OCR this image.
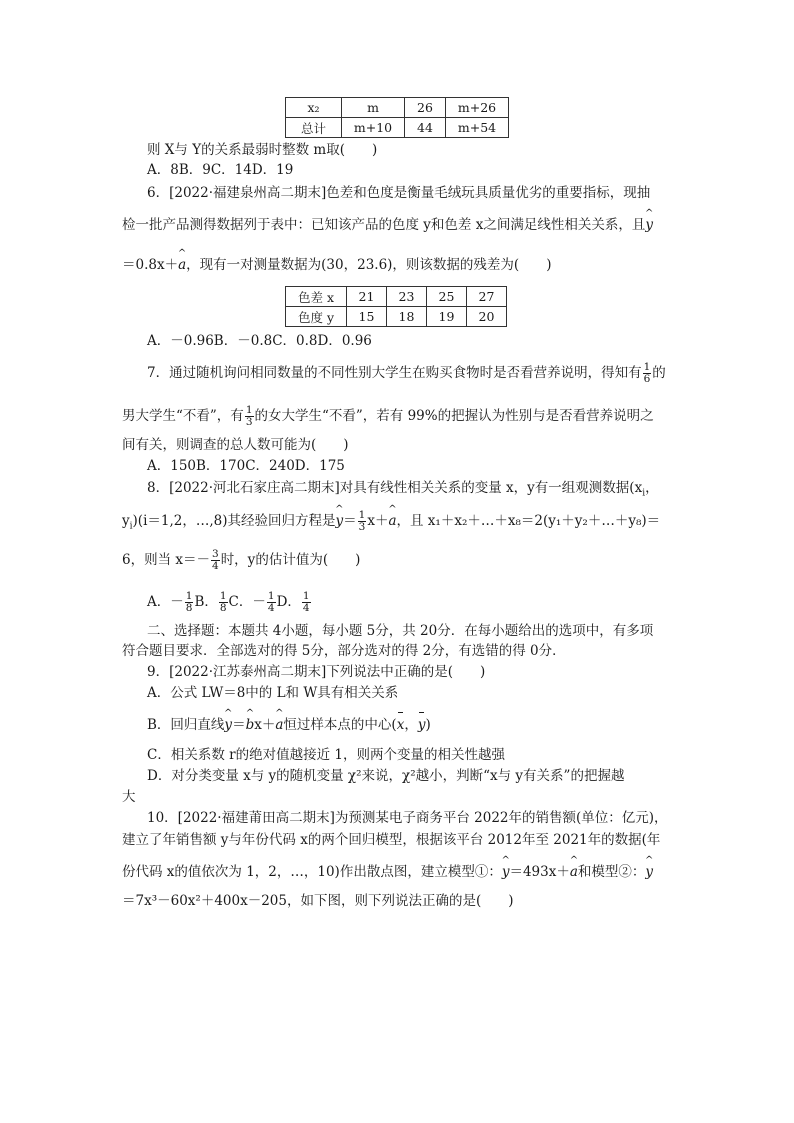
x₂	m	26	m+26
总计	m+10	44	m+54
则 X与 Y的关系最弱时整数 m取(　　)
A．8B．9C．14D．19
6．[2022·福建泉州高二期末]色差和色度是衡量毛绒玩具质量优劣的重要指标，现抽
检一批产品测得数据列于表中：已知该产品的色度 y和色差 x之间满足线性相关关系，且^ y
＝0.8x＋^ a，现有一对测量数据为(30，23.6)，则该数据的残差为(　　)
色差 x	21	23	25	27
色度 y	15	18	19	20
A．－0.96B．－0.8C．0.8D．0.96
7．通过随机询问相同数量的不同性别大学生在购买食物时是否看营养说明，得知有 $\frac{1}{6}$ 的
男大学生“不看”，有 $\frac{1}{3}$ 的女大学生“不看”，若有 99%的把握认为性别与是否看营养说明之
间有关，则调查的总人数可能为(　　)
A．150B．170C．240D．175
8．[2022·河北石家庄高二期末]对具有线性相关关系的变量 x，y有一组观测数据($x_i$，
$y_i)(i=1,2$，…,8)其经验回归方程是^ $y= \frac{1}{3}$ x＋^ a，且 x₁＋x₂＋…＋x₈＝2(y₁＋y₂＋…＋y₈)＝
6，则当 $x=- \frac{3}{4}$ 时，y的估计值为(　　)
A．－ $\frac{1}{8}$ B． $\frac{1}{8}$ C．－ $\frac{1}{4}$ D． $\frac{1}{4}$
二、选择题：本题共 4小题，每小题 5分，共 20分．在每小题给出的选项中，有多项
符合题目要求．全部选对的得 5分，部分选对的得 2分，有选错的得 0分．
9．[2022·江苏泰州高二期末]下列说法中正确的是(　　)
A．公式 LW＝8中的 L和 W具有相关关系
B．回归直线^ y＝^ bx＋^ a恒过样本点的中心(x，y)
C．相关系数 r的绝对值越接近 1，则两个变量的相关性越强
D．对分类变量 x与 y的随机变量 χ²来说，χ²越小，判断“x与 y有关系”的把握越
大
10．[2022·福建莆田高二期末]为预测某电子商务平台 2022年的销售额(单位：亿元)，
建立了年销售额 y与年份代码 x的两个回归模型，根据该平台 2012年至 2021年的数据(年
份代码 x的值依次为 1，2，…，10)作出散点图，建立模型①：^ y＝493x＋^ a和模型②：^ y
＝7x³－60x²＋400x－205，如下图，则下列说法正确的是(　　)
